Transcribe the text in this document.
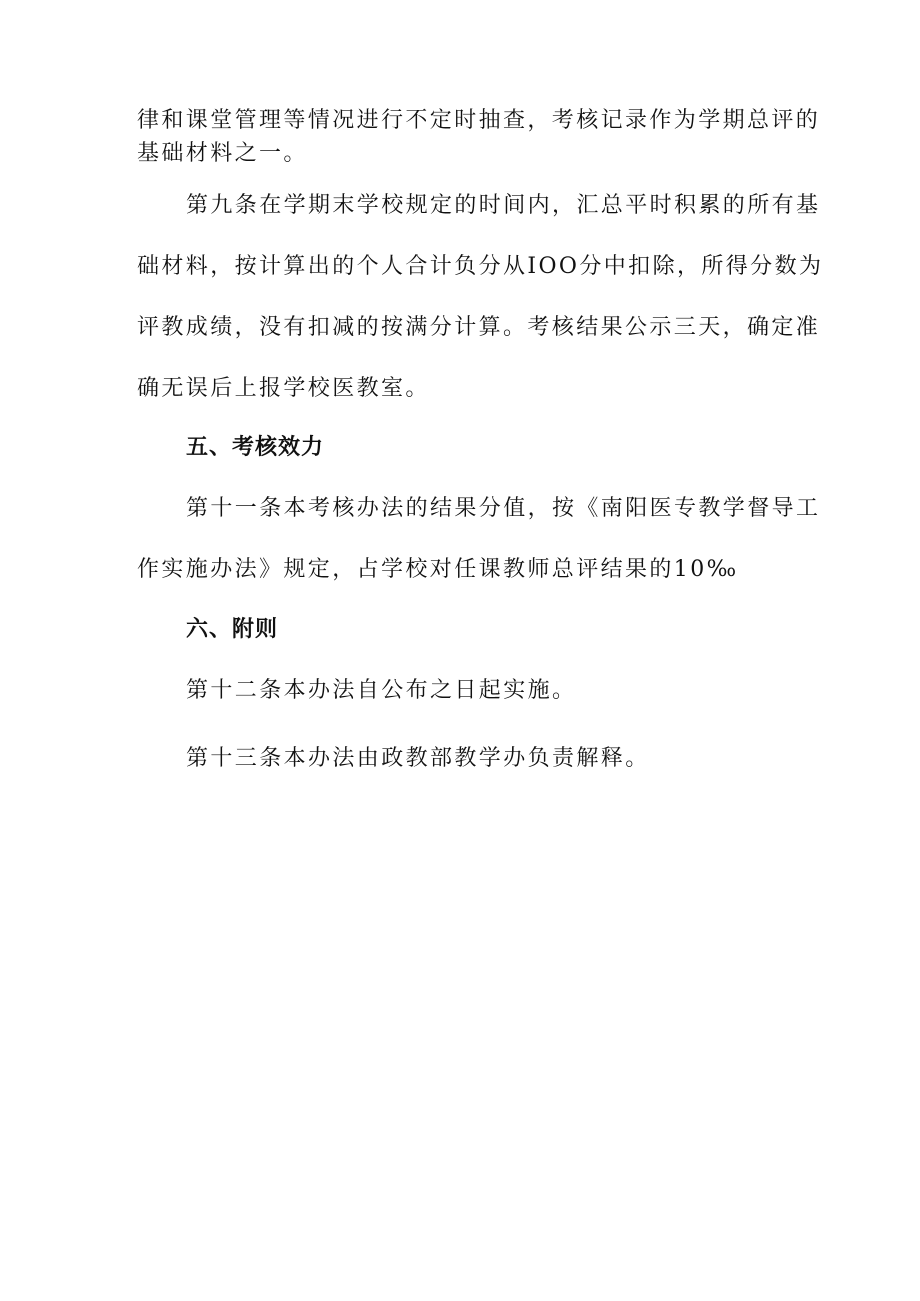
律和课堂管理等情况进行不定时抽查，考核记录作为学期总评的
基础材料之一。
第九条在学期末学校规定的时间内，汇总平时积累的所有基
础材料，按计算出的个人合计负分从IOO分中扣除，所得分数为
评教成绩，没有扣减的按满分计算。考核结果公示三天，确定准
确无误后上报学校医教室。
五、考核效力
第十一条本考核办法的结果分值，按《南阳医专教学督导工
作实施办法》规定，占学校对任课教师总评结果的10‰
六、附则
第十二条本办法自公布之日起实施。
第十三条本办法由政教部教学办负责解释。
